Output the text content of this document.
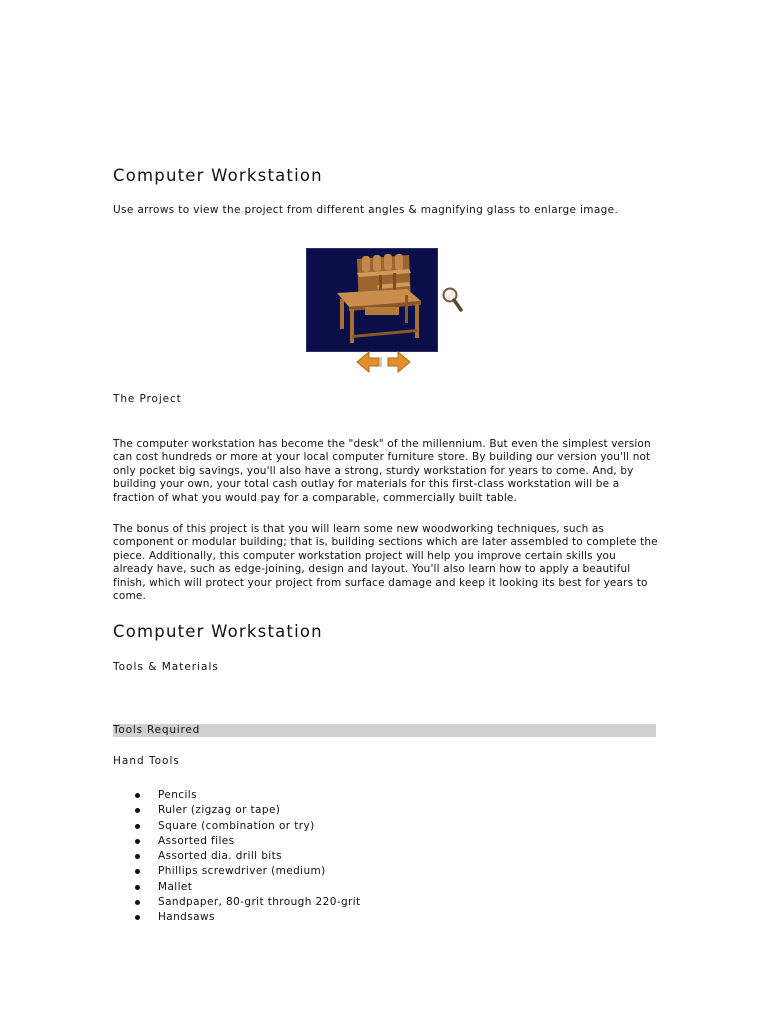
Computer Workstation

Use arrows to view the project from different angles & magnifying glass to enlarge image.

The Project

The computer workstation has become the "desk" of the millennium. But even the simplest version can cost hundreds or more at your local computer furniture store. By building our version you'll not only pocket big savings, you'll also have a strong, sturdy workstation for years to come. And, by building your own, your total cash outlay for materials for this first-class workstation will be a fraction of what you would pay for a comparable, commercially built table.

The bonus of this project is that you will learn some new woodworking techniques, such as component or modular building; that is, building sections which are later assembled to complete the piece. Additionally, this computer workstation project will help you improve certain skills you already have, such as edge-joining, design and layout. You'll also learn how to apply a beautiful finish, which will protect your project from surface damage and keep it looking its best for years to come.

Computer Workstation

Tools & Materials

Tools Required

Hand Tools

Pencils
Ruler (zigzag or tape)
Square (combination or try)
Assorted files
Assorted dia. drill bits
Phillips screwdriver (medium)
Mallet
Sandpaper, 80-grit through 220-grit
Handsaws
